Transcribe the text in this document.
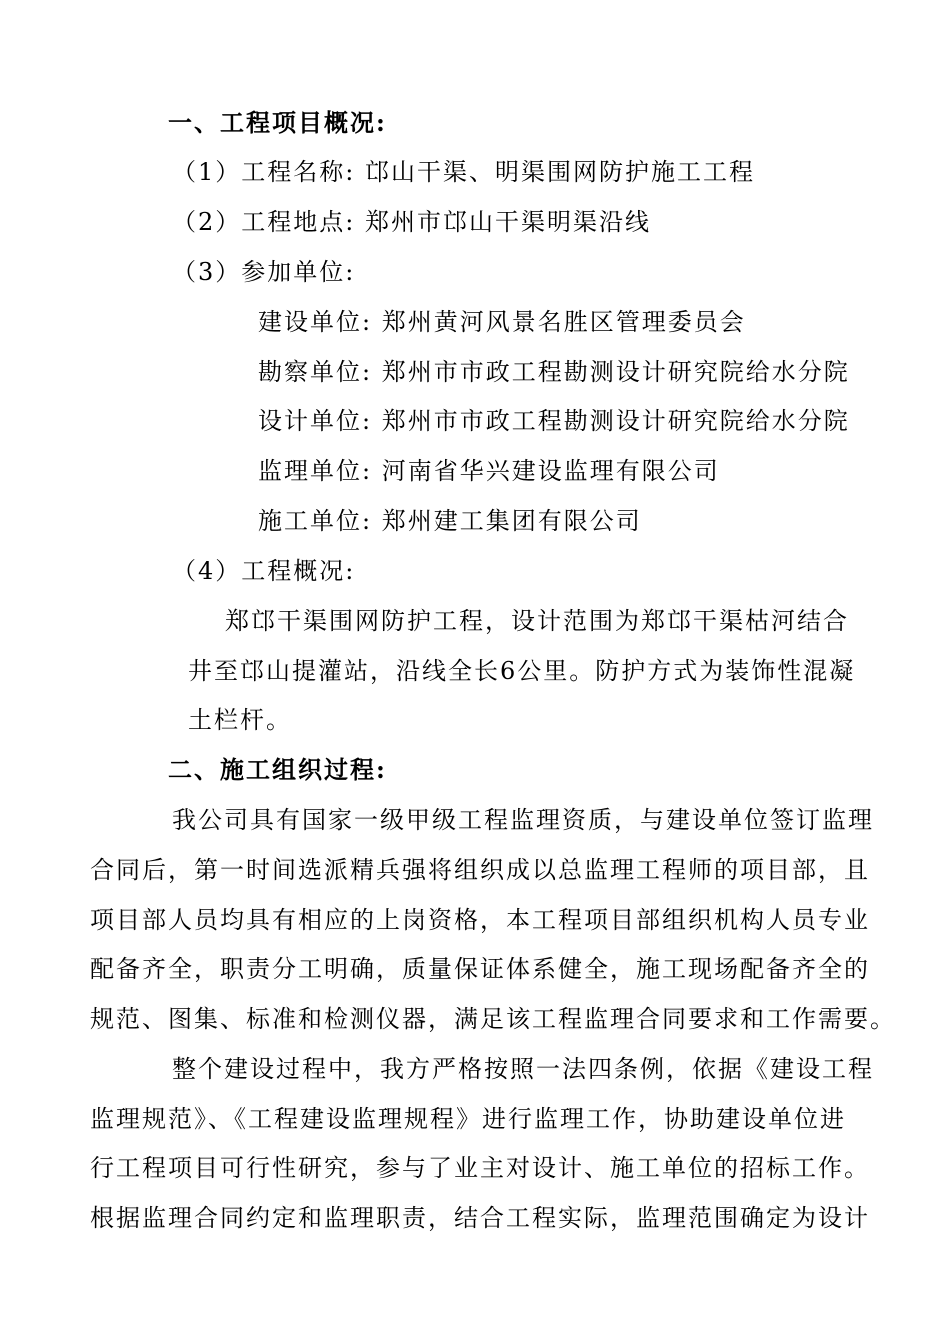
一、工程项目概况:
（1）工程名称: 邙山干渠、明渠围网防护施工工程
（2）工程地点: 郑州市邙山干渠明渠沿线
（3）参加单位:
建设单位: 郑州黄河风景名胜区管理委员会
勘察单位: 郑州市市政工程勘测设计研究院给水分院
设计单位: 郑州市市政工程勘测设计研究院给水分院
监理单位: 河南省华兴建设监理有限公司
施工单位: 郑州建工集团有限公司
（4）工程概况:
郑邙干渠围网防护工程，设计范围为郑邙干渠枯河结合
井至邙山提灌站，沿线全长6公里。防护方式为装饰性混凝
土栏杆。
二、施工组织过程:
我公司具有国家一级甲级工程监理资质，与建设单位签订监理
合同后，第一时间选派精兵强将组织成以总监理工程师的项目部，且
项目部人员均具有相应的上岗资格，本工程项目部组织机构人员专业
配备齐全，职责分工明确，质量保证体系健全，施工现场配备齐全的
规范、图集、标准和检测仪器，满足该工程监理合同要求和工作需要。
整个建设过程中，我方严格按照一法四条例，依据《建设工程
监理规范》、《工程建设监理规程》进行监理工作，协助建设单位进
行工程项目可行性研究，参与了业主对设计、施工单位的招标工作。
根据监理合同约定和监理职责，结合工程实际，监理范围确定为设计
